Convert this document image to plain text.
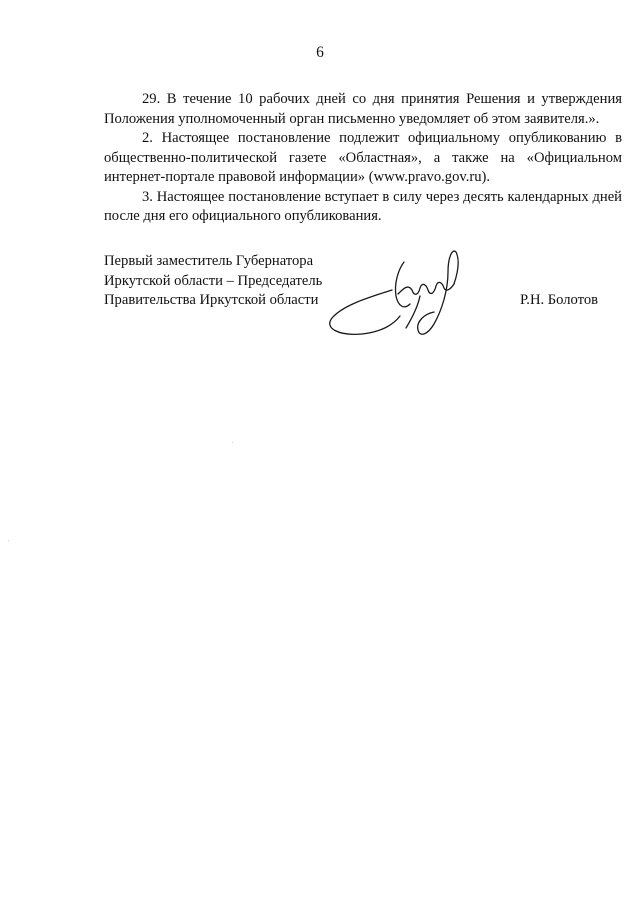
6

29. В течение 10 рабочих дней со дня принятия Решения и утверждения Положения уполномоченный орган письменно уведомляет об этом заявителя.».

2. Настоящее постановление подлежит официальному опубликованию в общественно-политической газете «Областная», а также на «Официальном интернет-портале правовой информации» (www.pravo.gov.ru).

3. Настоящее постановление вступает в силу через десять календарных дней после дня его официального опубликования.

Первый заместитель Губернатора
Иркутской области – Председатель
Правительства Иркутской области	Р.Н. Болотов
